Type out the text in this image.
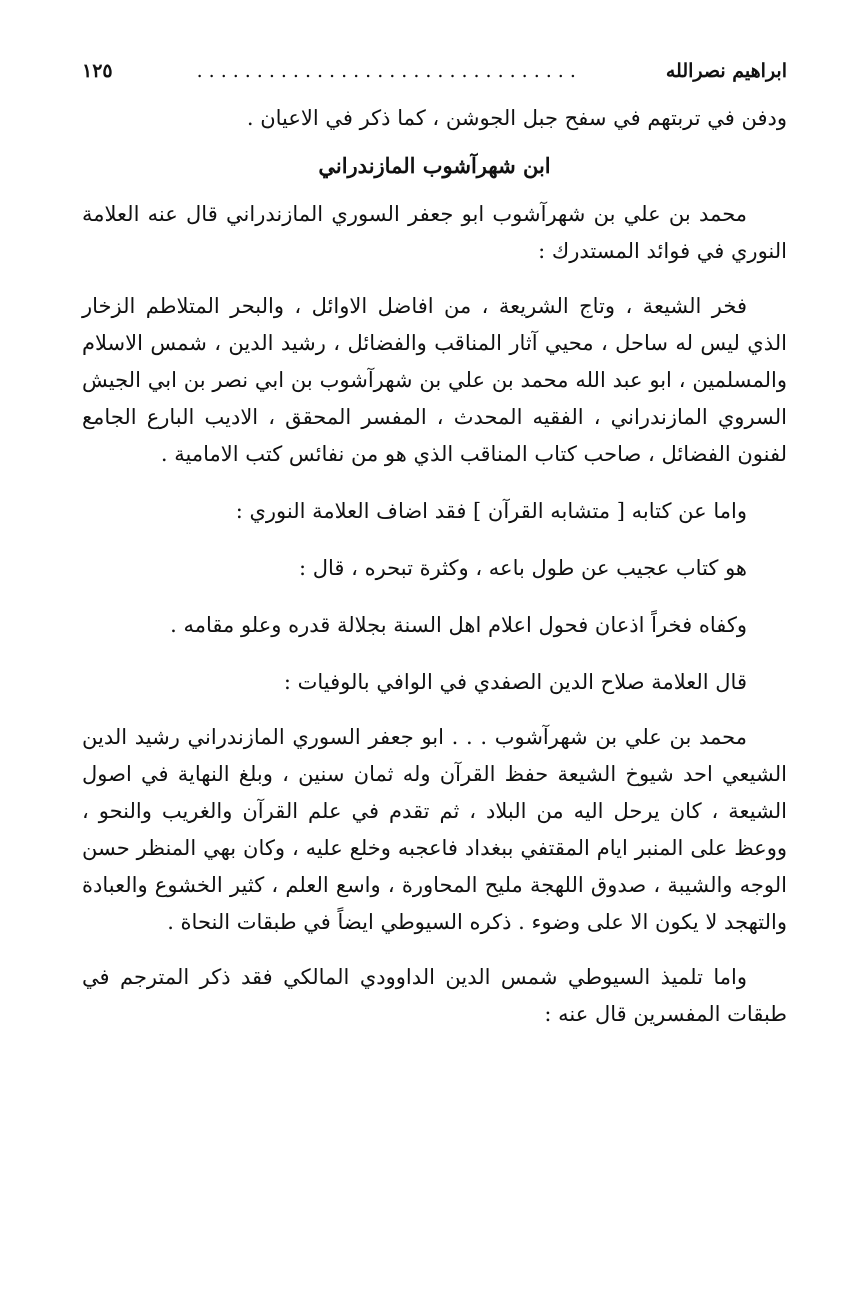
ابراهيم نصرالله
................................
١٢٥

ودفن في تربتهم في سفح جبل الجوشن ، كما ذكر في الاعيان .

ابن شهرآشوب المازندراني

محمد بن علي بن شهرآشوب ابو جعفر السوري المازندراني قال عنه العلامة النوري في فوائد المستدرك :

فخر الشيعة ، وتاج الشريعة ، من افاضل الاوائل ، والبحر المتلاطم الزخار الذي ليس له ساحل ، محيي آثار المناقب والفضائل ، رشيد الدين ، شمس الاسلام والمسلمين ، ابو عبد الله محمد بن علي بن شهرآشوب بن ابي نصر بن ابي الجيش السروي المازندراني ، الفقيه المحدث ، المفسر المحقق ، الاديب البارع الجامع لفنون الفضائل ، صاحب كتاب المناقب الذي هو من نفائس كتب الامامية .

واما عن كتابه [ متشابه القرآن ] فقد اضاف العلامة النوري :

هو كتاب عجيب عن طول باعه ، وكثرة تبحره ، قال :

وكفاه فخراً اذعان فحول اعلام اهل السنة بجلالة قدره وعلو مقامه .

قال العلامة صلاح الدين الصفدي في الوافي بالوفيات :

محمد بن علي بن شهرآشوب . . . ابو جعفر السوري المازندراني رشيد الدين الشيعي احد شيوخ الشيعة حفظ القرآن وله ثمان سنين ، وبلغ النهاية في اصول الشيعة ، كان يرحل اليه من البلاد ، ثم تقدم في علم القرآن والغريب والنحو ، ووعظ على المنبر ايام المقتفي ببغداد فاعجبه وخلع عليه ، وكان بهي المنظر حسن الوجه والشيبة ، صدوق اللهجة مليح المحاورة ، واسع العلم ، كثير الخشوع والعبادة والتهجد لا يكون الا على وضوء . ذكره السيوطي ايضاً في طبقات النحاة .

واما تلميذ السيوطي شمس الدين الداوودي المالكي فقد ذكر المترجم في طبقات المفسرين قال عنه :
